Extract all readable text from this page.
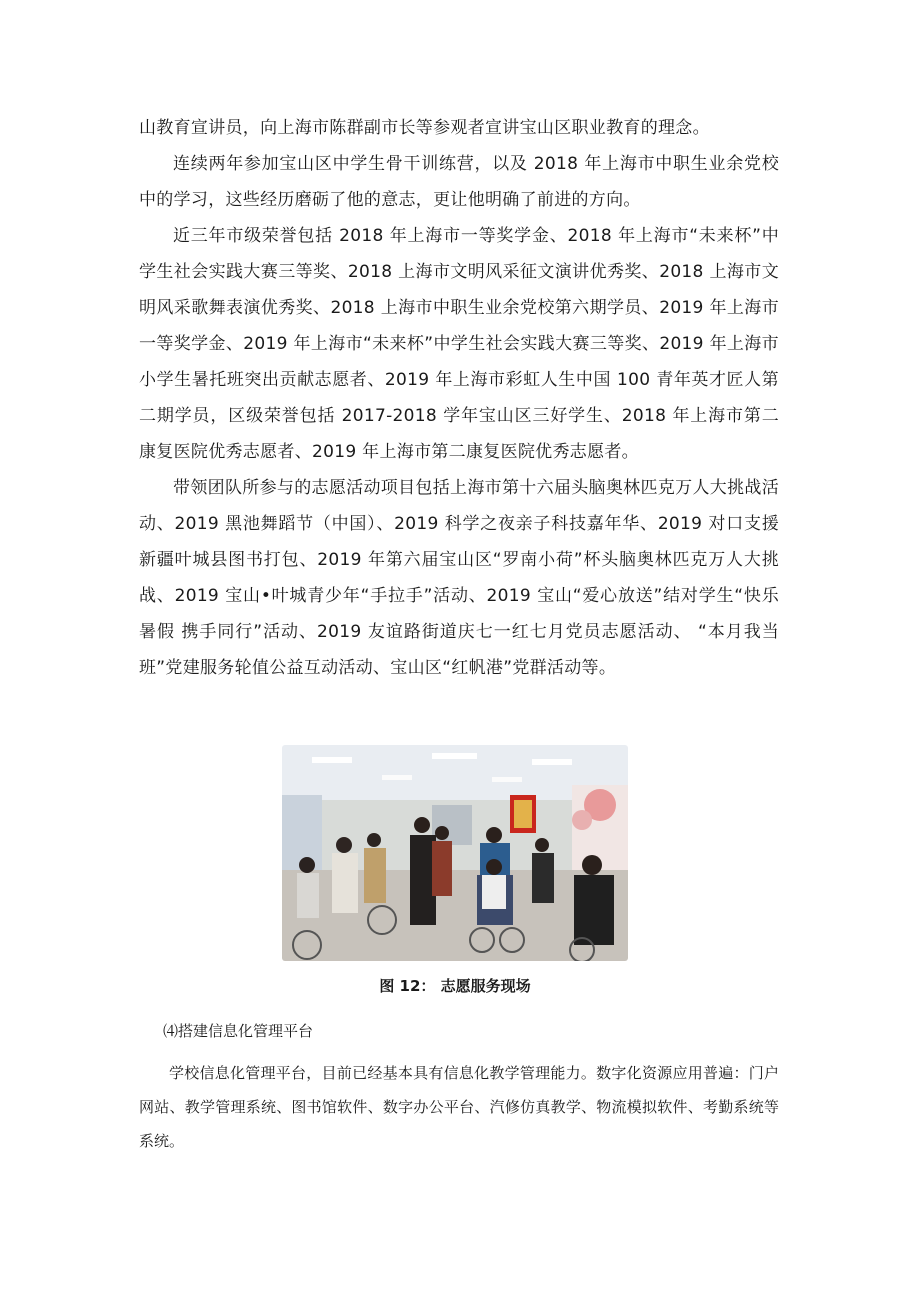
山教育宣讲员，向上海市陈群副市长等参观者宣讲宝山区职业教育的理念。

连续两年参加宝山区中学生骨干训练营，以及 2018 年上海市中职生业余党校中的学习，这些经历磨砺了他的意志，更让他明确了前进的方向。

近三年市级荣誉包括 2018 年上海市一等奖学金、2018 年上海市“未来杯”中学生社会实践大赛三等奖、2018 上海市文明风采征文演讲优秀奖、2018 上海市文明风采歌舞表演优秀奖、2018 上海市中职生业余党校第六期学员、2019 年上海市一等奖学金、2019 年上海市“未来杯”中学生社会实践大赛三等奖、2019 年上海市小学生暑托班突出贡献志愿者、2019 年上海市彩虹人生中国 100 青年英才匠人第二期学员，区级荣誉包括 2017-2018 学年宝山区三好学生、2018 年上海市第二康复医院优秀志愿者、2019 年上海市第二康复医院优秀志愿者。

带领团队所参与的志愿活动项目包括上海市第十六届头脑奥林匹克万人大挑战活动、2019 黑池舞蹈节（中国）、2019 科学之夜亲子科技嘉年华、2019 对口支援新疆叶城县图书打包、2019 年第六届宝山区“罗南小荷”杯头脑奥林匹克万人大挑战、2019 宝山•叶城青少年“手拉手”活动、2019 宝山“爱心放送”结对学生“快乐暑假 携手同行”活动、2019 友谊路街道庆七一红七月党员志愿活动、 “本月我当班”党建服务轮值公益互动活动、宝山区“红帆港”党群活动等。

图 12： 志愿服务现场
⑷搭建信息化管理平台

学校信息化管理平台，目前已经基本具有信息化教学管理能力。数字化资源应用普遍：门户网站、教学管理系统、图书馆软件、数字办公平台、汽修仿真教学、物流模拟软件、考勤系统等系统。
